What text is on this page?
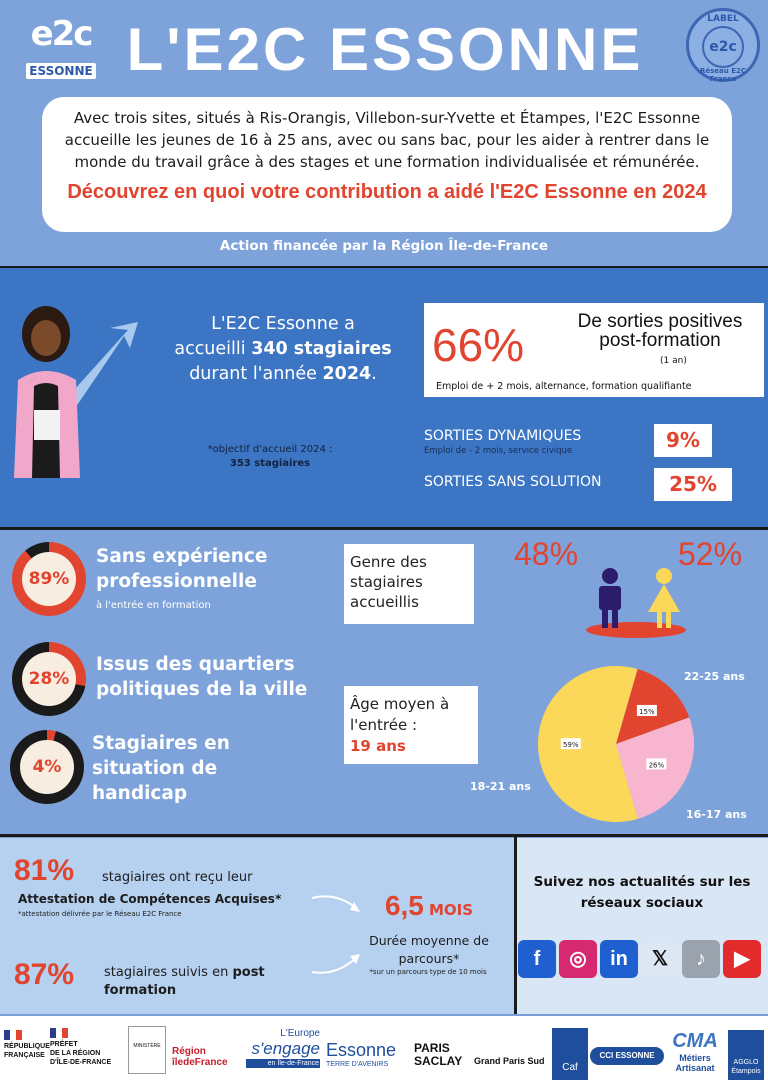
e2c
ESSONNE L'E2C ESSONNE	LABEL
e2c
Réseau E2C France
Avec trois sites, situés à Ris-Orangis, Villebon-sur-Yvette et Étampes, l'E2C Essonne accueille les jeunes de 16 à 25 ans, avec ou sans bac, pour les aider à rentrer dans le monde du travail grâce à des stages et une formation individualisée et rémunérée.
Découvrez en quoi votre contribution a aidé l'E2C Essonne en 2024
Action financée par la Région Île-de-France
L'E2C Essonne a
accueilli 340 stagiaires
durant l'année 2024.
*objectif d'accueil 2024 :
353 stagiaires
66%	De sorties positives post-formation
(1 an)
Emploi de + 2 mois, alternance, formation qualifiante
SORTIES DYNAMIQUES
Emploi de - 2 mois, service civique	9%
SORTIES SANS SOLUTION	25%
89%
Sans expérience professionnelle
à l'entrée en formation
28%
Issus des quartiers politiques de la ville
4%
Stagiaires en situation de handicap
Genre des stagiaires accueillis
48%	52%
Âge moyen à l'entrée :
19 ans
15%
26%
59%
22-25 ans
16-17 ans
18-21 ans
81% stagiaires ont reçu leur
Attestation de Compétences Acquises*
*attestation délivrée par le Réseau E2C France	6,5 MOIS
Durée moyenne de parcours*
*sur un parcours type de 10 mois
87% stagiaires suivis en post formation
Suivez nos actualités sur les réseaux sociaux
f	◎	in	𝕏	♪	▶
RÉPUBLIQUE
FRANÇAISE
PRÉFET
DE LA RÉGION
D'ÎLE-DE-FRANCE
MINISTÈRE	Région
îledeFrance
L'Europe
s'engage
en Île-de-France
Essonne
TERRE D'AVENIRS
PARIS
SACLAY Grand Paris Sud
Caf
CCI ESSONNE
CMA
Métiers
Artisanat
AGGLO
Étampois
